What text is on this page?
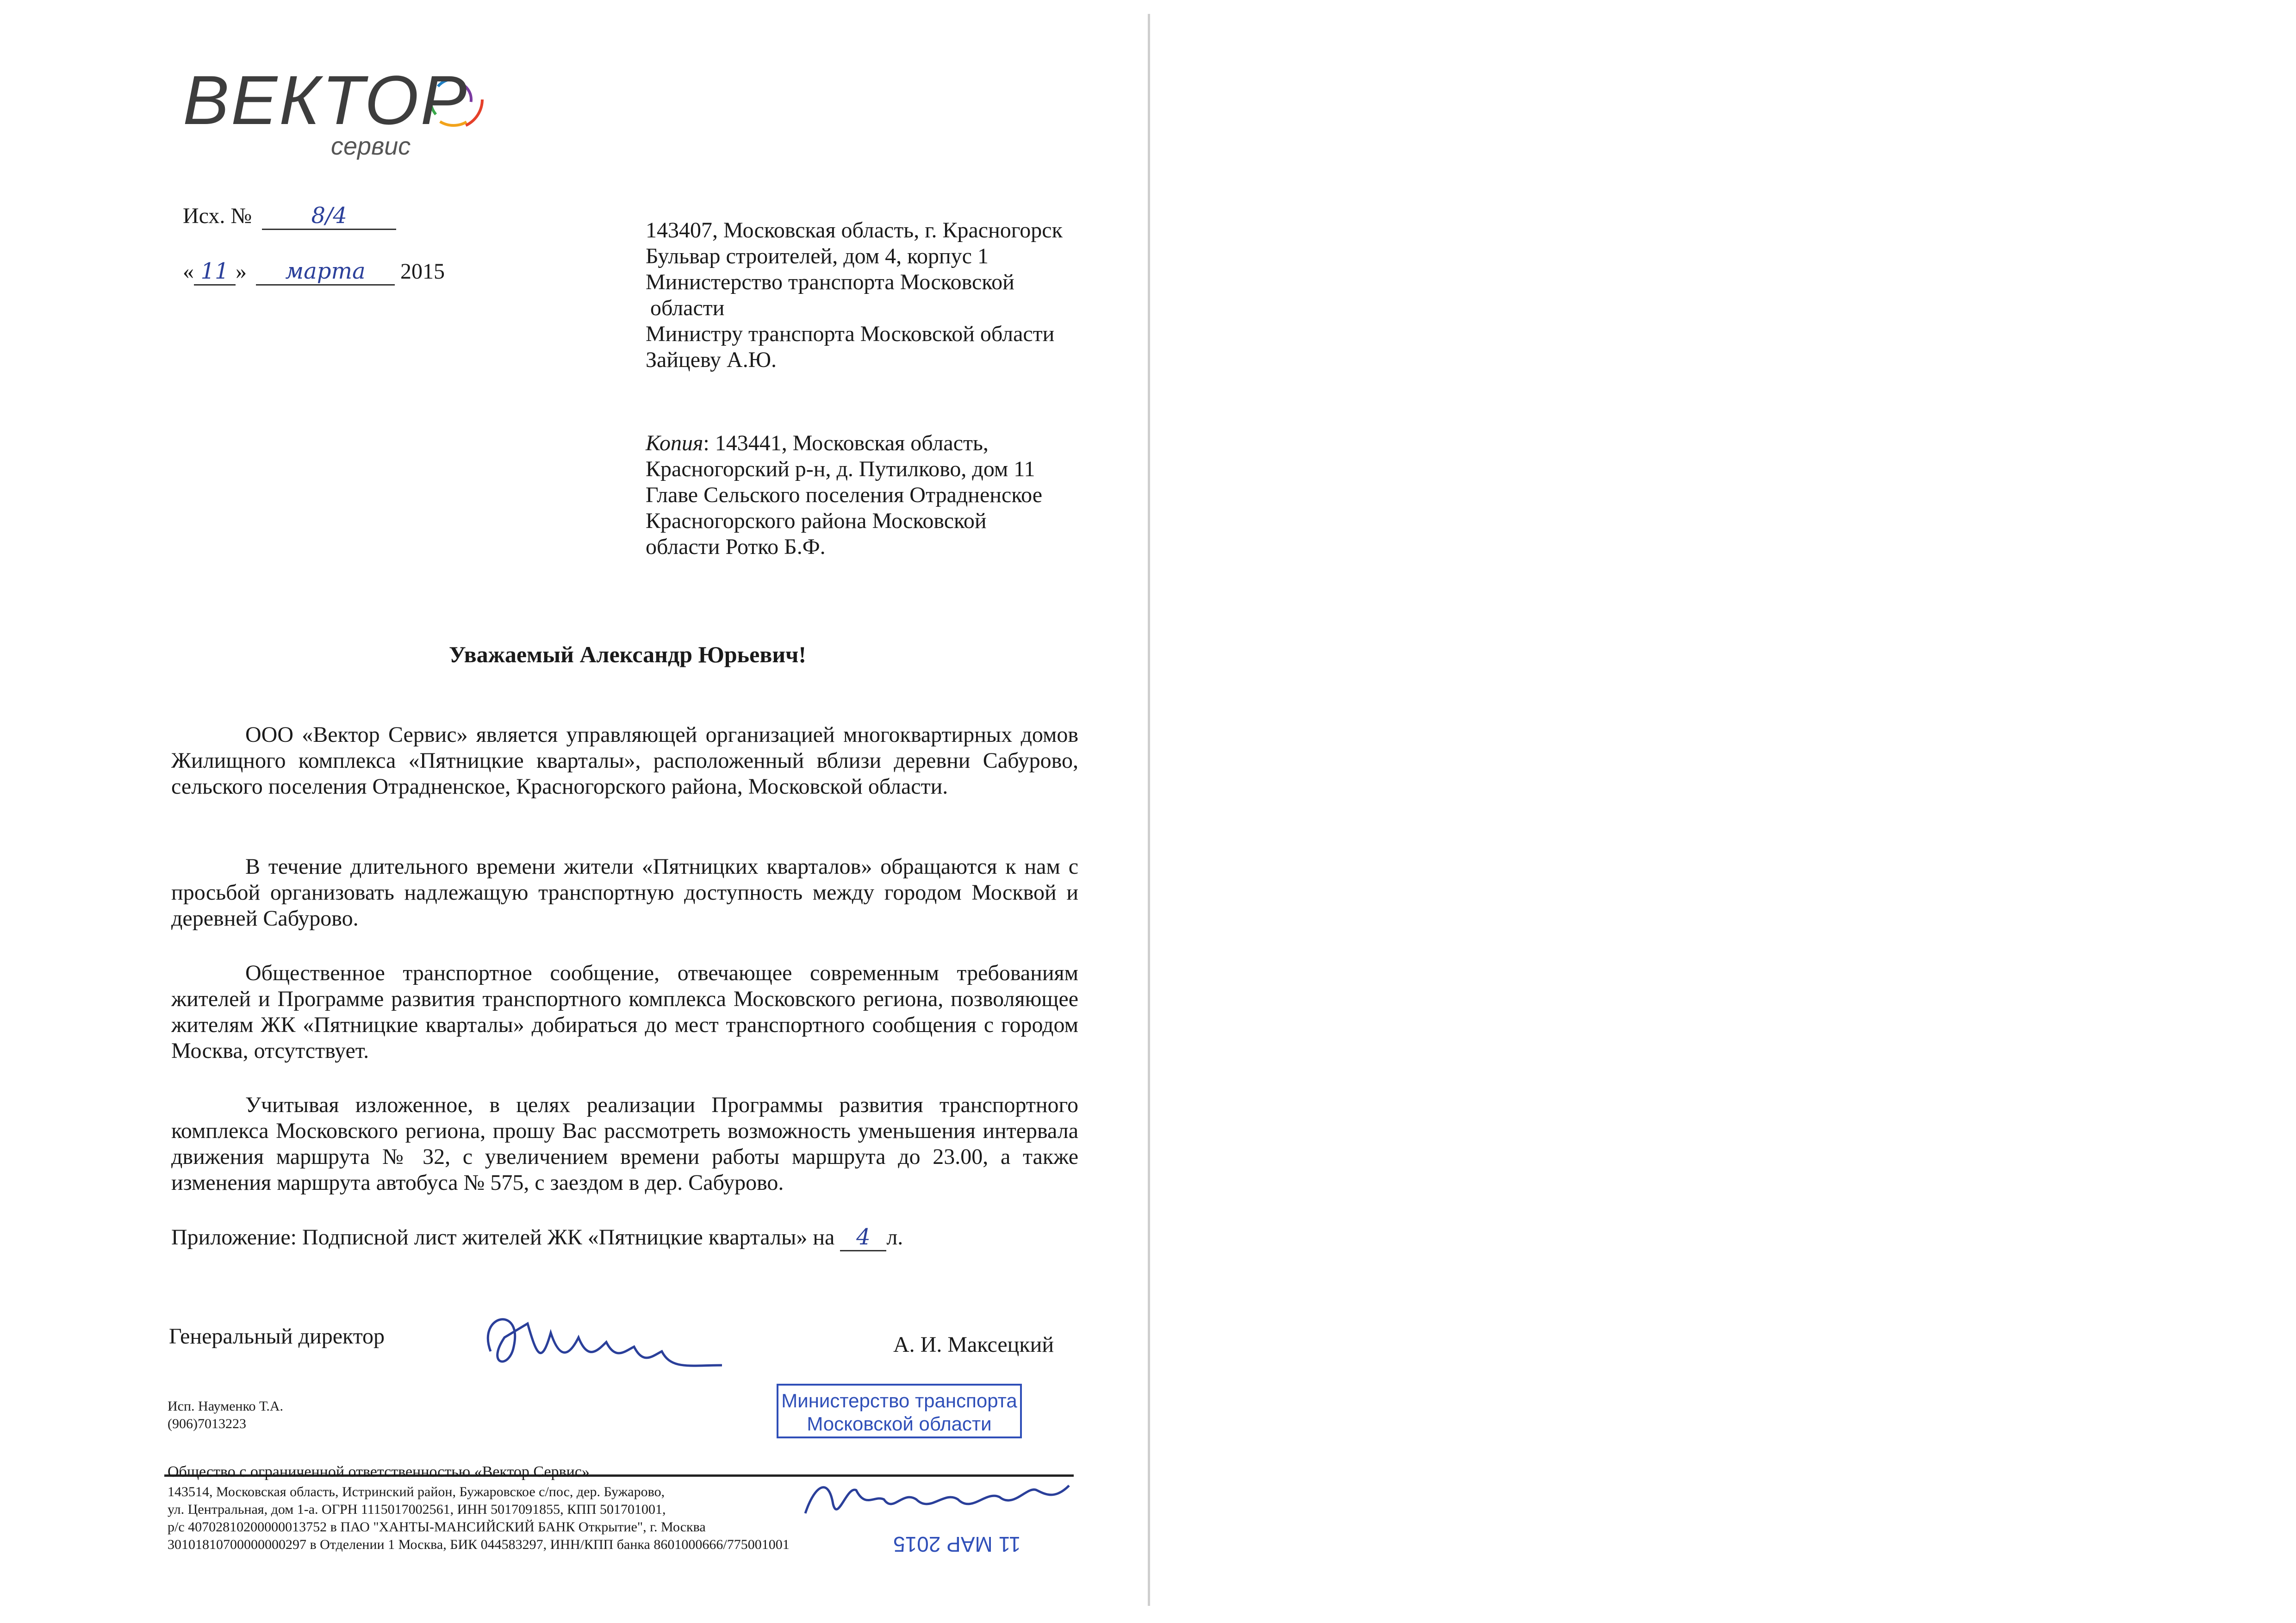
ВЕКТОР
сервис
Исх. №	8/4
« 11 » марта 2015

143407, Московская область, г. Красногорск

Бульвар строителей, дом 4, корпус 1

Министерство транспорта Московской

области

Министру транспорта Московской области

Зайцеву А.Ю.

Копия: 143441, Московская область,

Красногорский р-н, д. Путилково, дом 11

Главе Сельского поселения Отрадненское

Красногорского района Московской

области Ротко Б.Ф.

Уважаемый Александр Юрьевич!
ООО «Вектор Сервис» является управляющей организацией многоквартирных домов Жилищного комплекса «Пятницкие кварталы», расположенный вблизи деревни Сабурово, сельского поселения Отрадненское, Красногорского района, Московской области.
В течение длительного времени жители «Пятницких кварталов» обращаются к нам с просьбой организовать надлежащую транспортную доступность между городом Москвой и деревней Сабурово.
Общественное транспортное сообщение, отвечающее современным требованиям жителей и Программе развития транспортного комплекса Московского региона, позволяющее жителям ЖК «Пятницкие кварталы» добираться до мест транспортного сообщения с городом Москва, отсутствует.
Учитывая изложенное, в целях реализации Программы развития транспортного комплекса Московского региона, прошу Вас рассмотреть возможность уменьшения интервала движения маршрута № 32, с увеличением времени работы маршрута до 23.00, а также изменения маршрута автобуса № 575, с заездом в дер. Сабурово.
Приложение: Подписной лист жителей ЖК «Пятницкие кварталы» на 4 л.
Генеральный директор	А. И. Максецкий
Исп. Науменко Т.А.
(906)7013223
Министерство транспорта
Московской области
Общество с ограниченной ответственностью «Вектор Сервис»
143514, Московская область, Истринский район, Бужаровское с/пос, дер. Бужарово,
ул. Центральная, дом 1-а. ОГРН 1115017002561, ИНН 5017091855, КПП 501701001,
р/с 40702810200000013752 в ПАО "ХАНТЫ-МАНСИЙСКИЙ БАНК Открытие", г. Москва
30101810700000000297 в Отделении 1 Москва, БИК 044583297, ИНН/КПП банка 8601000666/775001001	11 МАР 2015
